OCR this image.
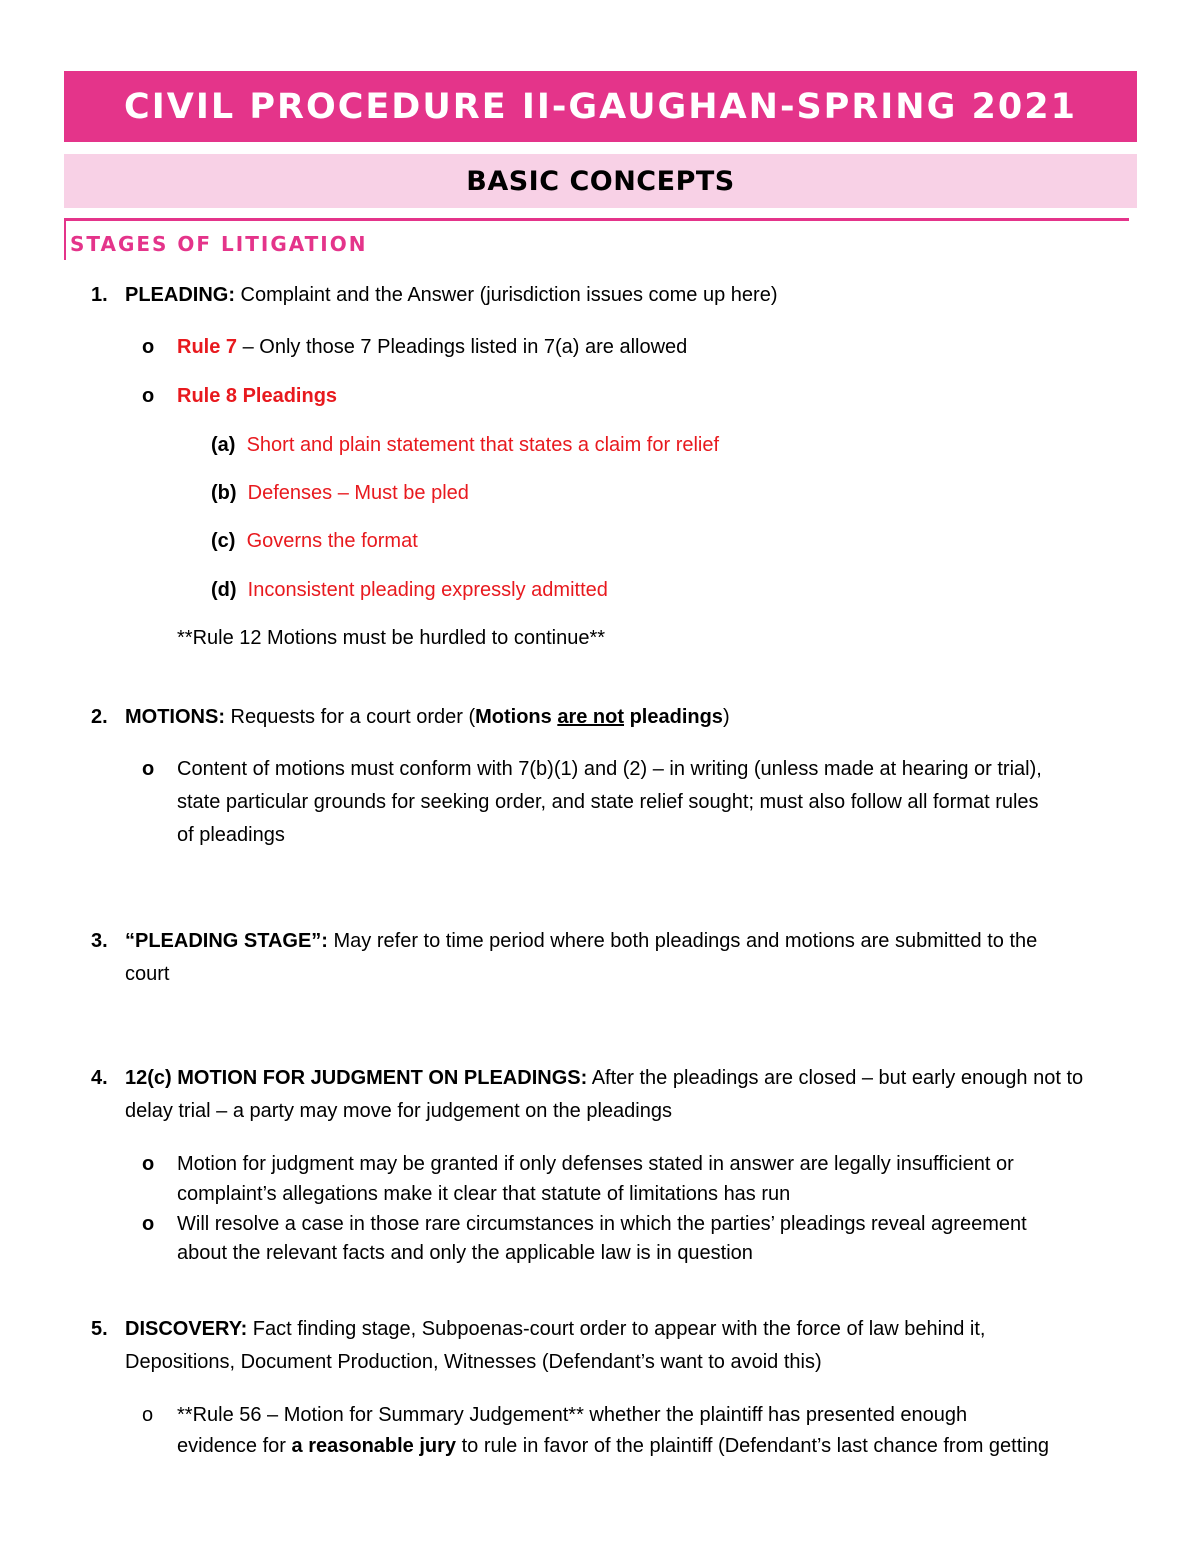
CIVIL PROCEDURE II-GAUGHAN-SPRING 2021
BASIC CONCEPTS
STAGES OF LITIGATION
1. PLEADING: Complaint and the Answer (jurisdiction issues come up here)
o Rule 7 – Only those 7 Pleadings listed in 7(a) are allowed
o Rule 8 Pleadings
(a) Short and plain statement that states a claim for relief
(b) Defenses – Must be pled
(c) Governs the format
(d) Inconsistent pleading expressly admitted
**Rule 12 Motions must be hurdled to continue**
2. MOTIONS: Requests for a court order (Motions are not pleadings)
o Content of motions must conform with 7(b)(1) and (2) – in writing (unless made at hearing or trial),
state particular grounds for seeking order, and state relief sought; must also follow all format rules
of pleadings
3. “PLEADING STAGE”: May refer to time period where both pleadings and motions are submitted to the
court
4. 12(c) MOTION FOR JUDGMENT ON PLEADINGS: After the pleadings are closed – but early enough not to
delay trial – a party may move for judgement on the pleadings
o Motion for judgment may be granted if only defenses stated in answer are legally insufficient or
complaint’s allegations make it clear that statute of limitations has run
o Will resolve a case in those rare circumstances in which the parties’ pleadings reveal agreement
about the relevant facts and only the applicable law is in question
5. DISCOVERY: Fact finding stage, Subpoenas-court order to appear with the force of law behind it,
Depositions, Document Production, Witnesses (Defendant’s want to avoid this)
o **Rule 56 – Motion for Summary Judgement** whether the plaintiff has presented enough
evidence for a reasonable jury to rule in favor of the plaintiff (Defendant’s last chance from getting
